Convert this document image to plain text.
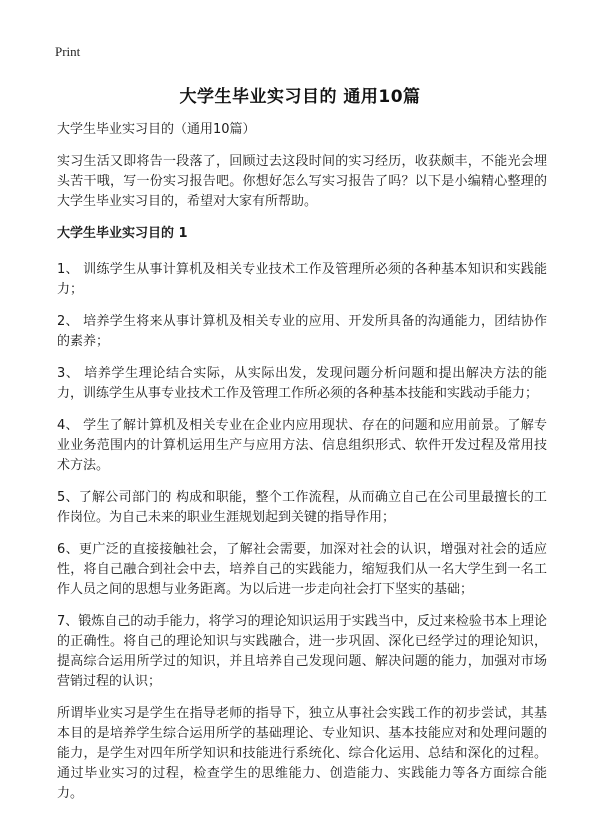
Print
大学生毕业实习目的 通用10篇
大学生毕业实习目的（通用10篇）
实习生活又即将告一段落了，回顾过去这段时间的实习经历，收获颇丰，不能光会埋头苦干哦，写一份实习报告吧。你想好怎么写实习报告了吗？以下是小编精心整理的大学生毕业实习目的，希望对大家有所帮助。
大学生毕业实习目的 1
1、 训练学生从事计算机及相关专业技术工作及管理所必须的各种基本知识和实践能力；
2、 培养学生将来从事计算机及相关专业的应用、开发所具备的沟通能力，团结协作的素养；
3、 培养学生理论结合实际，从实际出发，发现问题分析问题和提出解决方法的能力，训练学生从事专业技术工作及管理工作所必须的各种基本技能和实践动手能力；
4、 学生了解计算机及相关专业在企业内应用现状、存在的问题和应用前景。了解专业业务范围内的计算机运用生产与应用方法、信息组织形式、软件开发过程及常用技术方法。
5、了解公司部门的 构成和职能，整个工作流程，从而确立自己在公司里最擅长的工作岗位。为自己未来的职业生涯规划起到关键的指导作用；
6、更广泛的直接接触社会，了解社会需要，加深对社会的认识，增强对社会的适应性，将自己融合到社会中去，培养自己的实践能力，缩短我们从一名大学生到一名工作人员之间的思想与业务距离。为以后进一步走向社会打下坚实的基础；
7、锻炼自己的动手能力，将学习的理论知识运用于实践当中，反过来检验书本上理论的正确性。将自己的理论知识与实践融合，进一步巩固、深化已经学过的理论知识，提高综合运用所学过的知识，并且培养自己发现问题、解决问题的能力，加强对市场营销过程的认识；
所谓毕业实习是学生在指导老师的指导下，独立从事社会实践工作的初步尝试，其基本目的是培养学生综合运用所学的基础理论、专业知识、基本技能应对和处理问题的能力，是学生对四年所学知识和技能进行系统化、综合化运用、总结和深化的过程。通过毕业实习的过程，检查学生的思维能力、创造能力、实践能力等各方面综合能力。
